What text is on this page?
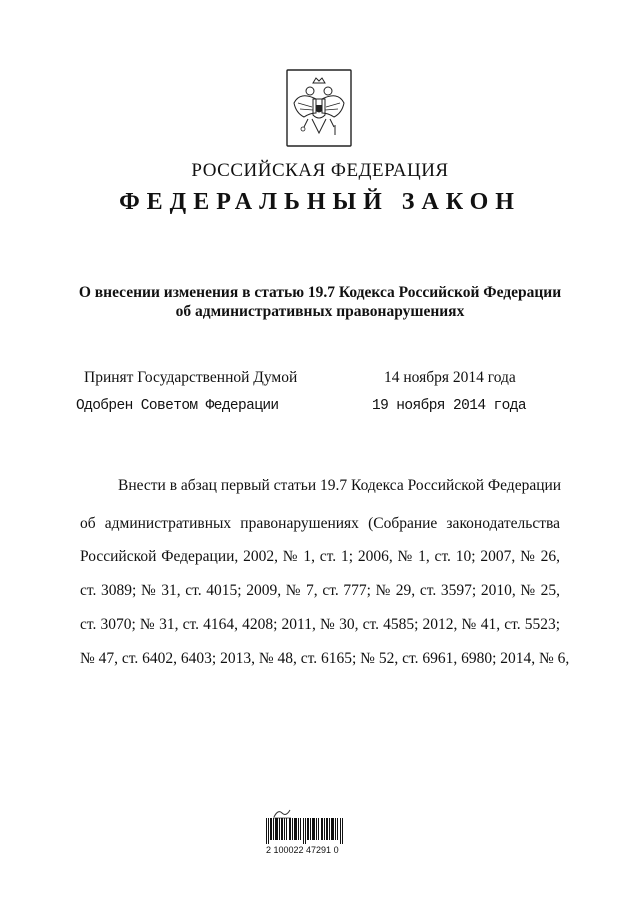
РОССИЙСКАЯ ФЕДЕРАЦИЯ
ФЕДЕРАЛЬНЫЙ ЗАКОН
О внесении изменения в статью 19.7 Кодекса Российской Федерации
об административных правонарушениях
Принят Государственной Думой	14 ноября 2014 года
Одобрен Советом Федерации	19 ноября 2014 года
Внести в абзац первый статьи 19.7 Кодекса Российской Федерации
об административных правонарушениях (Собрание законодательства
Российской Федерации, 2002, № 1, ст. 1; 2006, № 1, ст. 10; 2007, № 26,
ст. 3089; № 31, ст. 4015; 2009, № 7, ст. 777; № 29, ст. 3597; 2010, № 25,
ст. 3070; № 31, ст. 4164, 4208; 2011, № 30, ст. 4585; 2012, № 41, ст. 5523;
№ 47, ст. 6402, 6403; 2013, № 48, ст. 6165; № 52, ст. 6961, 6980; 2014, № 6,
2 100022 47291 0
